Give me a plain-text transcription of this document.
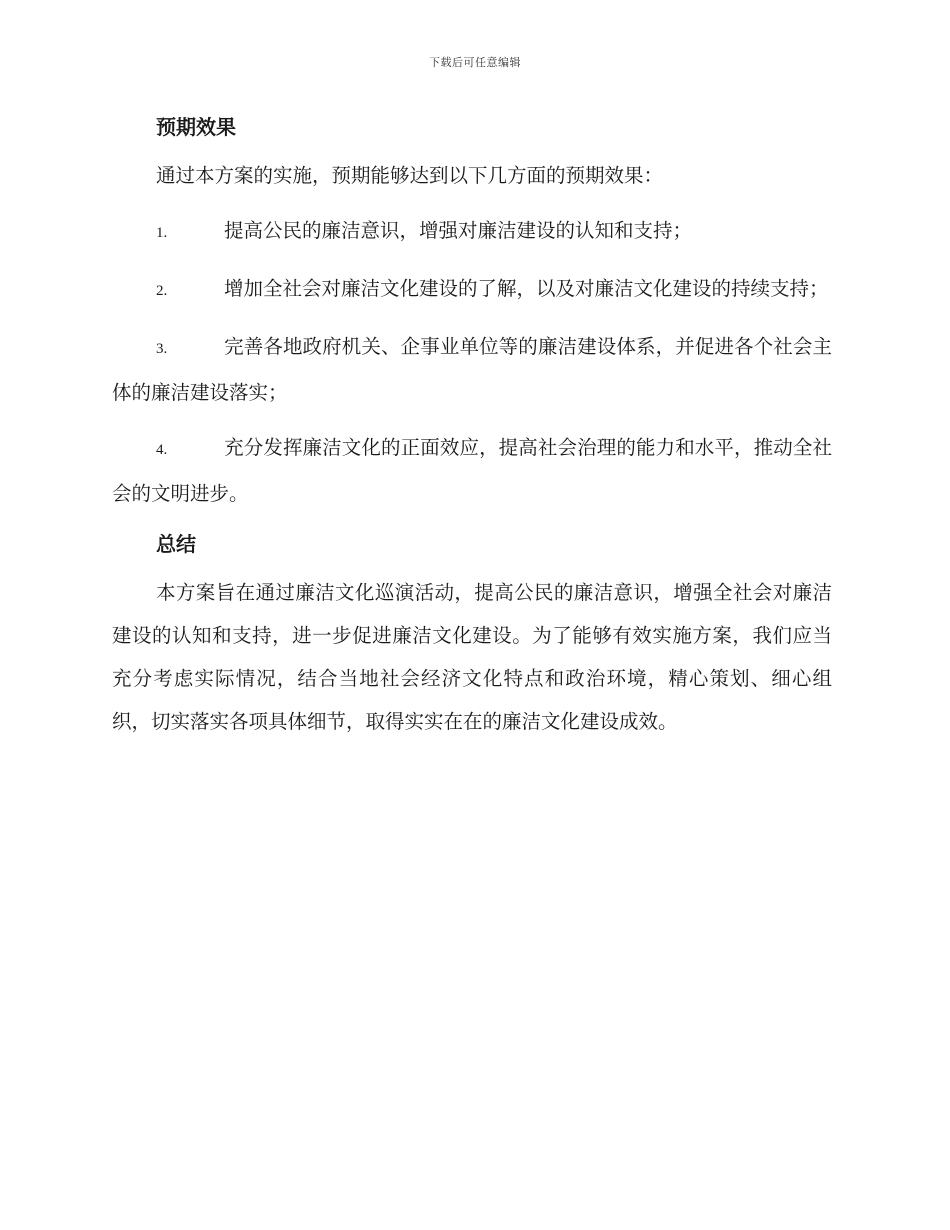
下载后可任意编辑
预期效果

通过本方案的实施，预期能够达到以下几方面的预期效果：

1.	提高公民的廉洁意识，增强对廉洁建设的认知和支持；

2.	增加全社会对廉洁文化建设的了解，以及对廉洁文化建设的持续支持；

3.	完善各地政府机关、企事业单位等的廉洁建设体系，并促进各个社会主体的廉洁建设落实；

4.	充分发挥廉洁文化的正面效应，提高社会治理的能力和水平，推动全社会的文明进步。

总结

本方案旨在通过廉洁文化巡演活动，提高公民的廉洁意识，增强全社会对廉洁建设的认知和支持，进一步促进廉洁文化建设。为了能够有效实施方案，我们应当充分考虑实际情况，结合当地社会经济文化特点和政治环境，精心策划、细心组织，切实落实各项具体细节，取得实实在在的廉洁文化建设成效。
